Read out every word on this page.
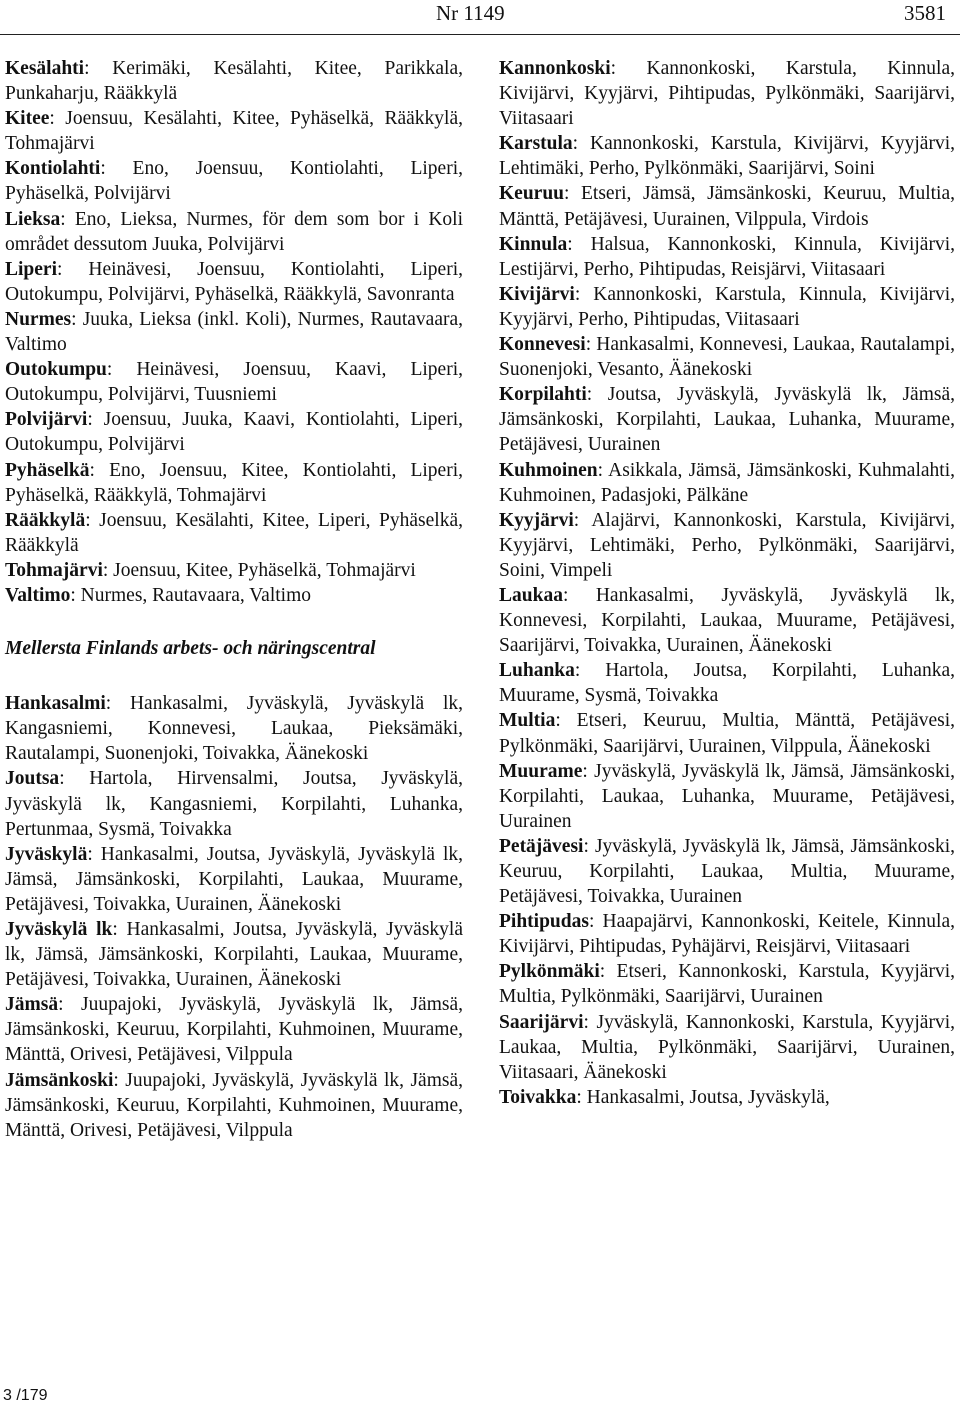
Nr 1149	3581

Kesälahti: Kerimäki, Kesälahti, Kitee, Parikkala, Punkaharju, Rääkkylä

Kitee: Joensuu, Kesälahti, Kitee, Pyhäselkä, Rääkkylä, Tohmajärvi

Kontiolahti: Eno, Joensuu, Kontiolahti, Liperi, Pyhäselkä, Polvijärvi

Lieksa: Eno, Lieksa, Nurmes, för dem som bor i Koli området dessutom Juuka, Polvijärvi

Liperi: Heinävesi, Joensuu, Kontiolahti, Liperi, Outokumpu, Polvijärvi, Pyhäselkä, Rääkkylä, Savonranta

Nurmes: Juuka, Lieksa (inkl. Koli), Nurmes, Rautavaara, Valtimo

Outokumpu: Heinävesi, Joensuu, Kaavi, Liperi, Outokumpu, Polvijärvi, Tuusniemi

Polvijärvi: Joensuu, Juuka, Kaavi, Kontiolahti, Liperi, Outokumpu, Polvijärvi

Pyhäselkä: Eno, Joensuu, Kitee, Kontiolahti, Liperi, Pyhäselkä, Rääkkylä, Tohmajärvi

Rääkkylä: Joensuu, Kesälahti, Kitee, Liperi, Pyhäselkä, Rääkkylä

Tohmajärvi: Joensuu, Kitee, Pyhäselkä, Tohmajärvi

Valtimo: Nurmes, Rautavaara, Valtimo

Mellersta Finlands arbets- och näringscentral

Hankasalmi: Hankasalmi, Jyväskylä, Jyväskylä lk, Kangasniemi, Konnevesi, Laukaa, Pieksämäki, Rautalampi, Suonenjoki, Toivakka, Äänekoski

Joutsa: Hartola, Hirvensalmi, Joutsa, Jyväskylä, Jyväskylä lk, Kangasniemi, Korpilahti, Luhanka, Pertunmaa, Sysmä, Toivakka

Jyväskylä: Hankasalmi, Joutsa, Jyväskylä, Jyväskylä lk, Jämsä, Jämsänkoski, Korpilahti, Laukaa, Muurame, Petäjävesi, Toivakka, Uurainen, Äänekoski

Jyväskylä lk: Hankasalmi, Joutsa, Jyväskylä, Jyväskylä lk, Jämsä, Jämsänkoski, Korpilahti, Laukaa, Muurame, Petäjävesi, Toivakka, Uurainen, Äänekoski

Jämsä: Juupajoki, Jyväskylä, Jyväskylä lk, Jämsä, Jämsänkoski, Keuruu, Korpilahti, Kuhmoinen, Muurame, Mänttä, Orivesi, Petäjävesi, Vilppula

Jämsänkoski: Juupajoki, Jyväskylä, Jyväskylä lk, Jämsä, Jämsänkoski, Keuruu, Korpilahti, Kuhmoinen, Muurame, Mänttä, Orivesi, Petäjävesi, Vilppula

Kannonkoski: Kannonkoski, Karstula, Kinnula, Kivijärvi, Kyyjärvi, Pihtipudas, Pylkönmäki, Saarijärvi, Viitasaari

Karstula: Kannonkoski, Karstula, Kivijärvi, Kyyjärvi, Lehtimäki, Perho, Pylkönmäki, Saarijärvi, Soini

Keuruu: Etseri, Jämsä, Jämsänkoski, Keuruu, Multia, Mänttä, Petäjävesi, Uurainen, Vilppula, Virdois

Kinnula: Halsua, Kannonkoski, Kinnula, Kivijärvi, Lestijärvi, Perho, Pihtipudas, Reisjärvi, Viitasaari

Kivijärvi: Kannonkoski, Karstula, Kinnula, Kivijärvi, Kyyjärvi, Perho, Pihtipudas, Viitasaari

Konnevesi: Hankasalmi, Konnevesi, Laukaa, Rautalampi, Suonenjoki, Vesanto, Äänekoski

Korpilahti: Joutsa, Jyväskylä, Jyväskylä lk, Jämsä, Jämsänkoski, Korpilahti, Laukaa, Luhanka, Muurame, Petäjävesi, Uurainen

Kuhmoinen: Asikkala, Jämsä, Jämsänkoski, Kuhmalahti, Kuhmoinen, Padasjoki, Pälkäne

Kyyjärvi: Alajärvi, Kannonkoski, Karstula, Kivijärvi, Kyyjärvi, Lehtimäki, Perho, Pylkönmäki, Saarijärvi, Soini, Vimpeli

Laukaa: Hankasalmi, Jyväskylä, Jyväskylä lk, Konnevesi, Korpilahti, Laukaa, Muurame, Petäjävesi, Saarijärvi, Toivakka, Uurainen, Äänekoski

Luhanka: Hartola, Joutsa, Korpilahti, Luhanka, Muurame, Sysmä, Toivakka

Multia: Etseri, Keuruu, Multia, Mänttä, Petäjävesi, Pylkönmäki, Saarijärvi, Uurainen, Vilppula, Äänekoski

Muurame: Jyväskylä, Jyväskylä lk, Jämsä, Jämsänkoski, Korpilahti, Laukaa, Luhanka, Muurame, Petäjävesi, Uurainen

Petäjävesi: Jyväskylä, Jyväskylä lk, Jämsä, Jämsänkoski, Keuruu, Korpilahti, Laukaa, Multia, Muurame, Petäjävesi, Toivakka, Uurainen

Pihtipudas: Haapajärvi, Kannonkoski, Keitele, Kinnula, Kivijärvi, Pihtipudas, Pyhäjärvi, Reisjärvi, Viitasaari

Pylkönmäki: Etseri, Kannonkoski, Karstula, Kyyjärvi, Multia, Pylkönmäki, Saarijärvi, Uurainen

Saarijärvi: Jyväskylä, Kannonkoski, Karstula, Kyyjärvi, Laukaa, Multia, Pylkönmäki, Saarijärvi, Uurainen, Viitasaari, Äänekoski

Toivakka: Hankasalmi, Joutsa, Jyväskylä,

3 /179
